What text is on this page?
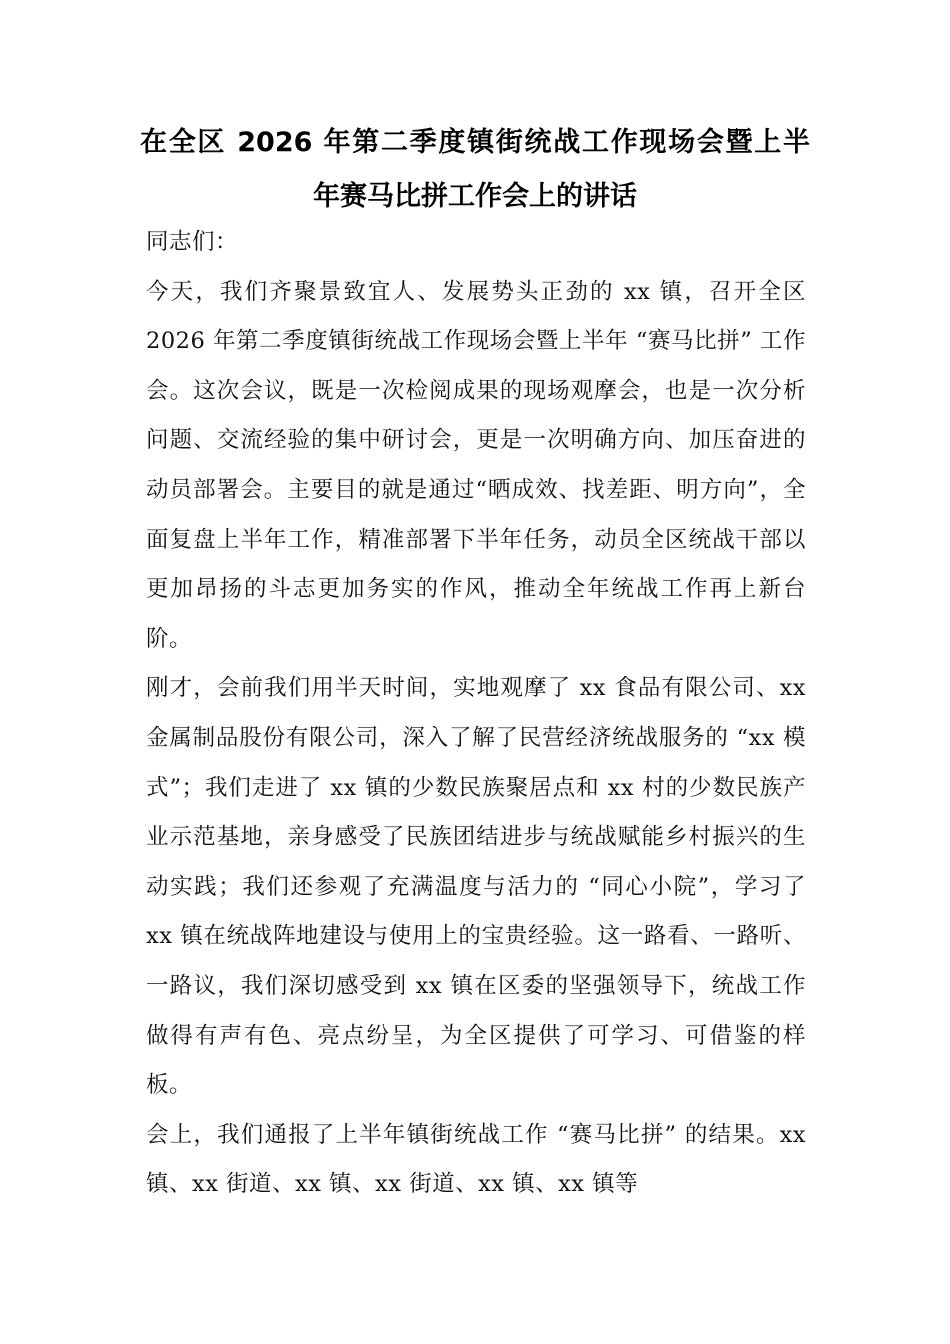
在全区 2026 年第二季度镇街统战工作现场会暨上半
年赛马比拼工作会上的讲话

同志们：

今天，我们齐聚景致宜人、发展势头正劲的 xx 镇，召开全区 2026 年第二季度镇街统战工作现场会暨上半年 “赛马比拼” 工作会。这次会议，既是一次检阅成果的现场观摩会，也是一次分析问题、交流经验的集中研讨会，更是一次明确方向、加压奋进的动员部署会。主要目的就是通过“晒成效、找差距、明方向”，全面复盘上半年工作，精准部署下半年任务，动员全区统战干部以更加昂扬的斗志更加务实的作风，推动全年统战工作再上新台阶。

刚才，会前我们用半天时间，实地观摩了 xx 食品有限公司、xx 金属制品股份有限公司，深入了解了民营经济统战服务的 “xx 模式”；我们走进了 xx 镇的少数民族聚居点和 xx 村的少数民族产业示范基地，亲身感受了民族团结进步与统战赋能乡村振兴的生动实践；我们还参观了充满温度与活力的 “同心小院”，学习了 xx 镇在统战阵地建设与使用上的宝贵经验。这一路看、一路听、一路议，我们深切感受到 xx 镇在区委的坚强领导下，统战工作做得有声有色、亮点纷呈，为全区提供了可学习、可借鉴的样板。

会上，我们通报了上半年镇街统战工作 “赛马比拼” 的结果。xx 镇、xx 街道、xx 镇、xx 街道、xx 镇、xx 镇等
